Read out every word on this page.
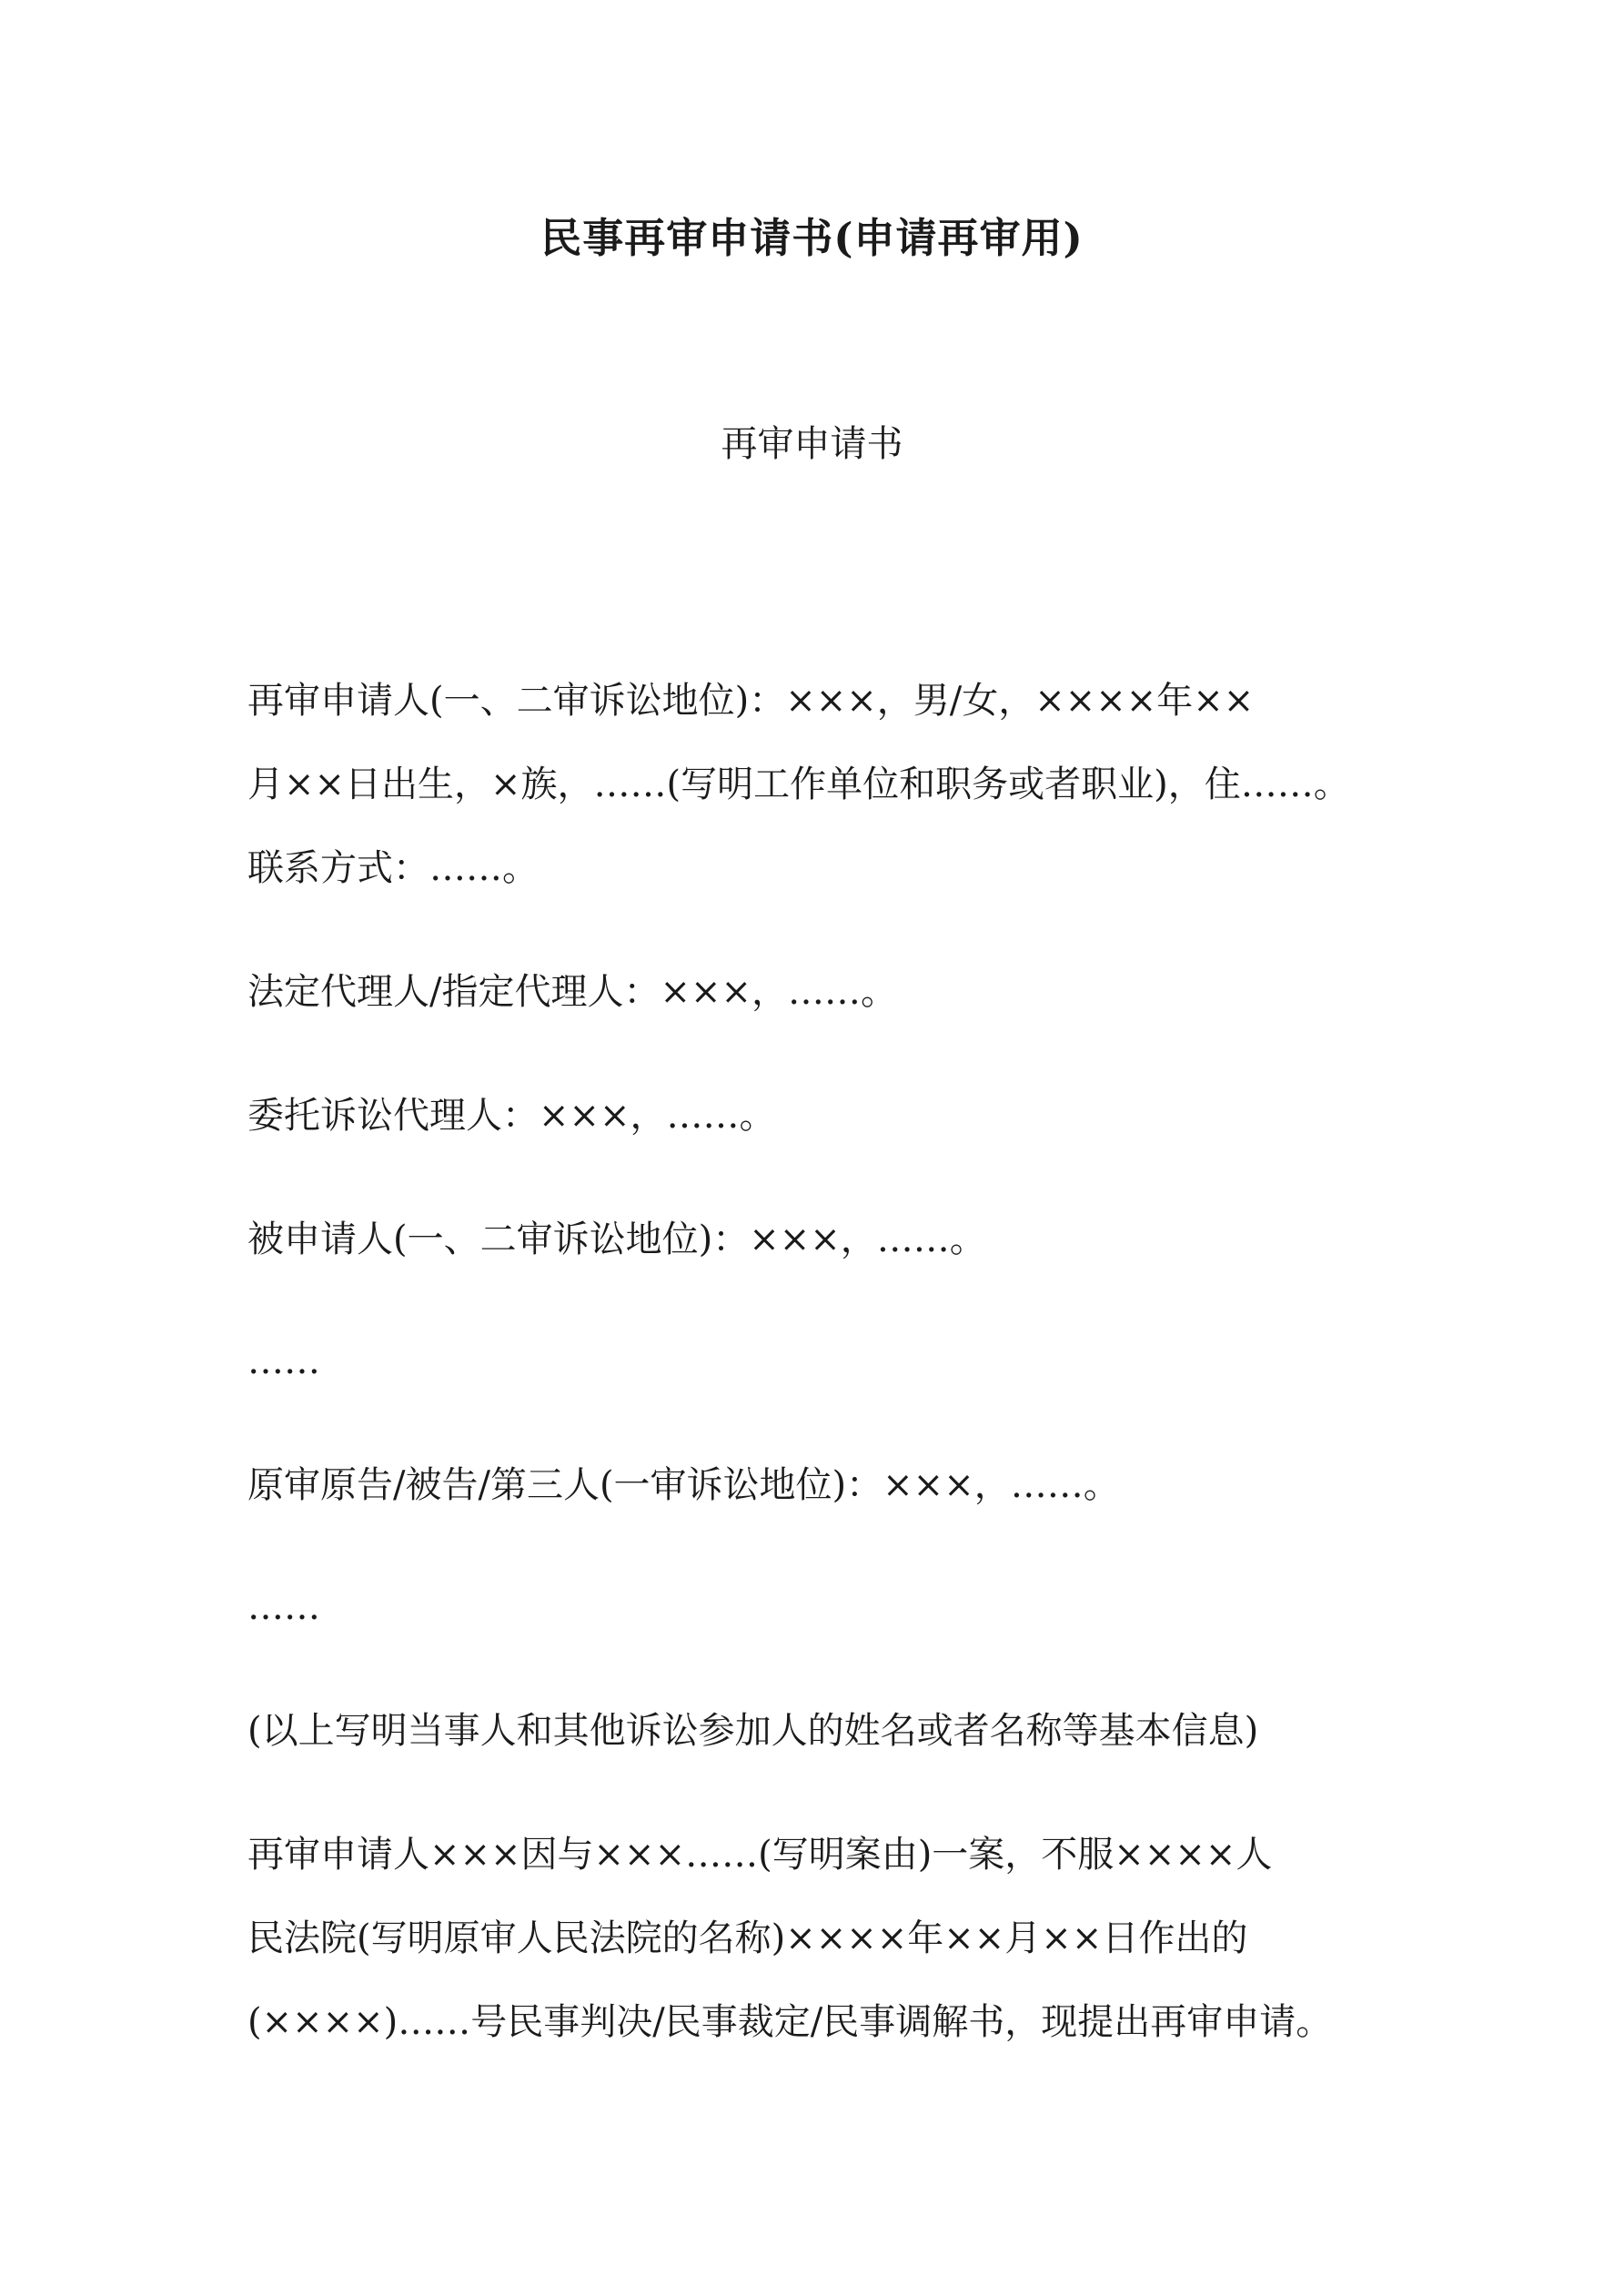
民事再审申请书(申请再审用)
再审申请书
再审申请人(一、二审诉讼地位)：×××，男/女，××××年××
月××日出生，×族，……(写明工作单位和职务或者职业)，住……。
联系方式：……。
法定代理人/指定代理人：×××，……。
委托诉讼代理人：×××，……。
被申请人(一、二审诉讼地位)：×××，……。
……
原审原告/被告/第三人(一审诉讼地位)：×××，……。
……
(以上写明当事人和其他诉讼参加人的姓名或者名称等基本信息)
再审申请人×××因与×××……(写明案由)一案，不服××××人
民法院(写明原审人民法院的名称)××××年××月××日作出的
(××××)……号民事判决/民事裁定/民事调解书，现提出再审申请。
